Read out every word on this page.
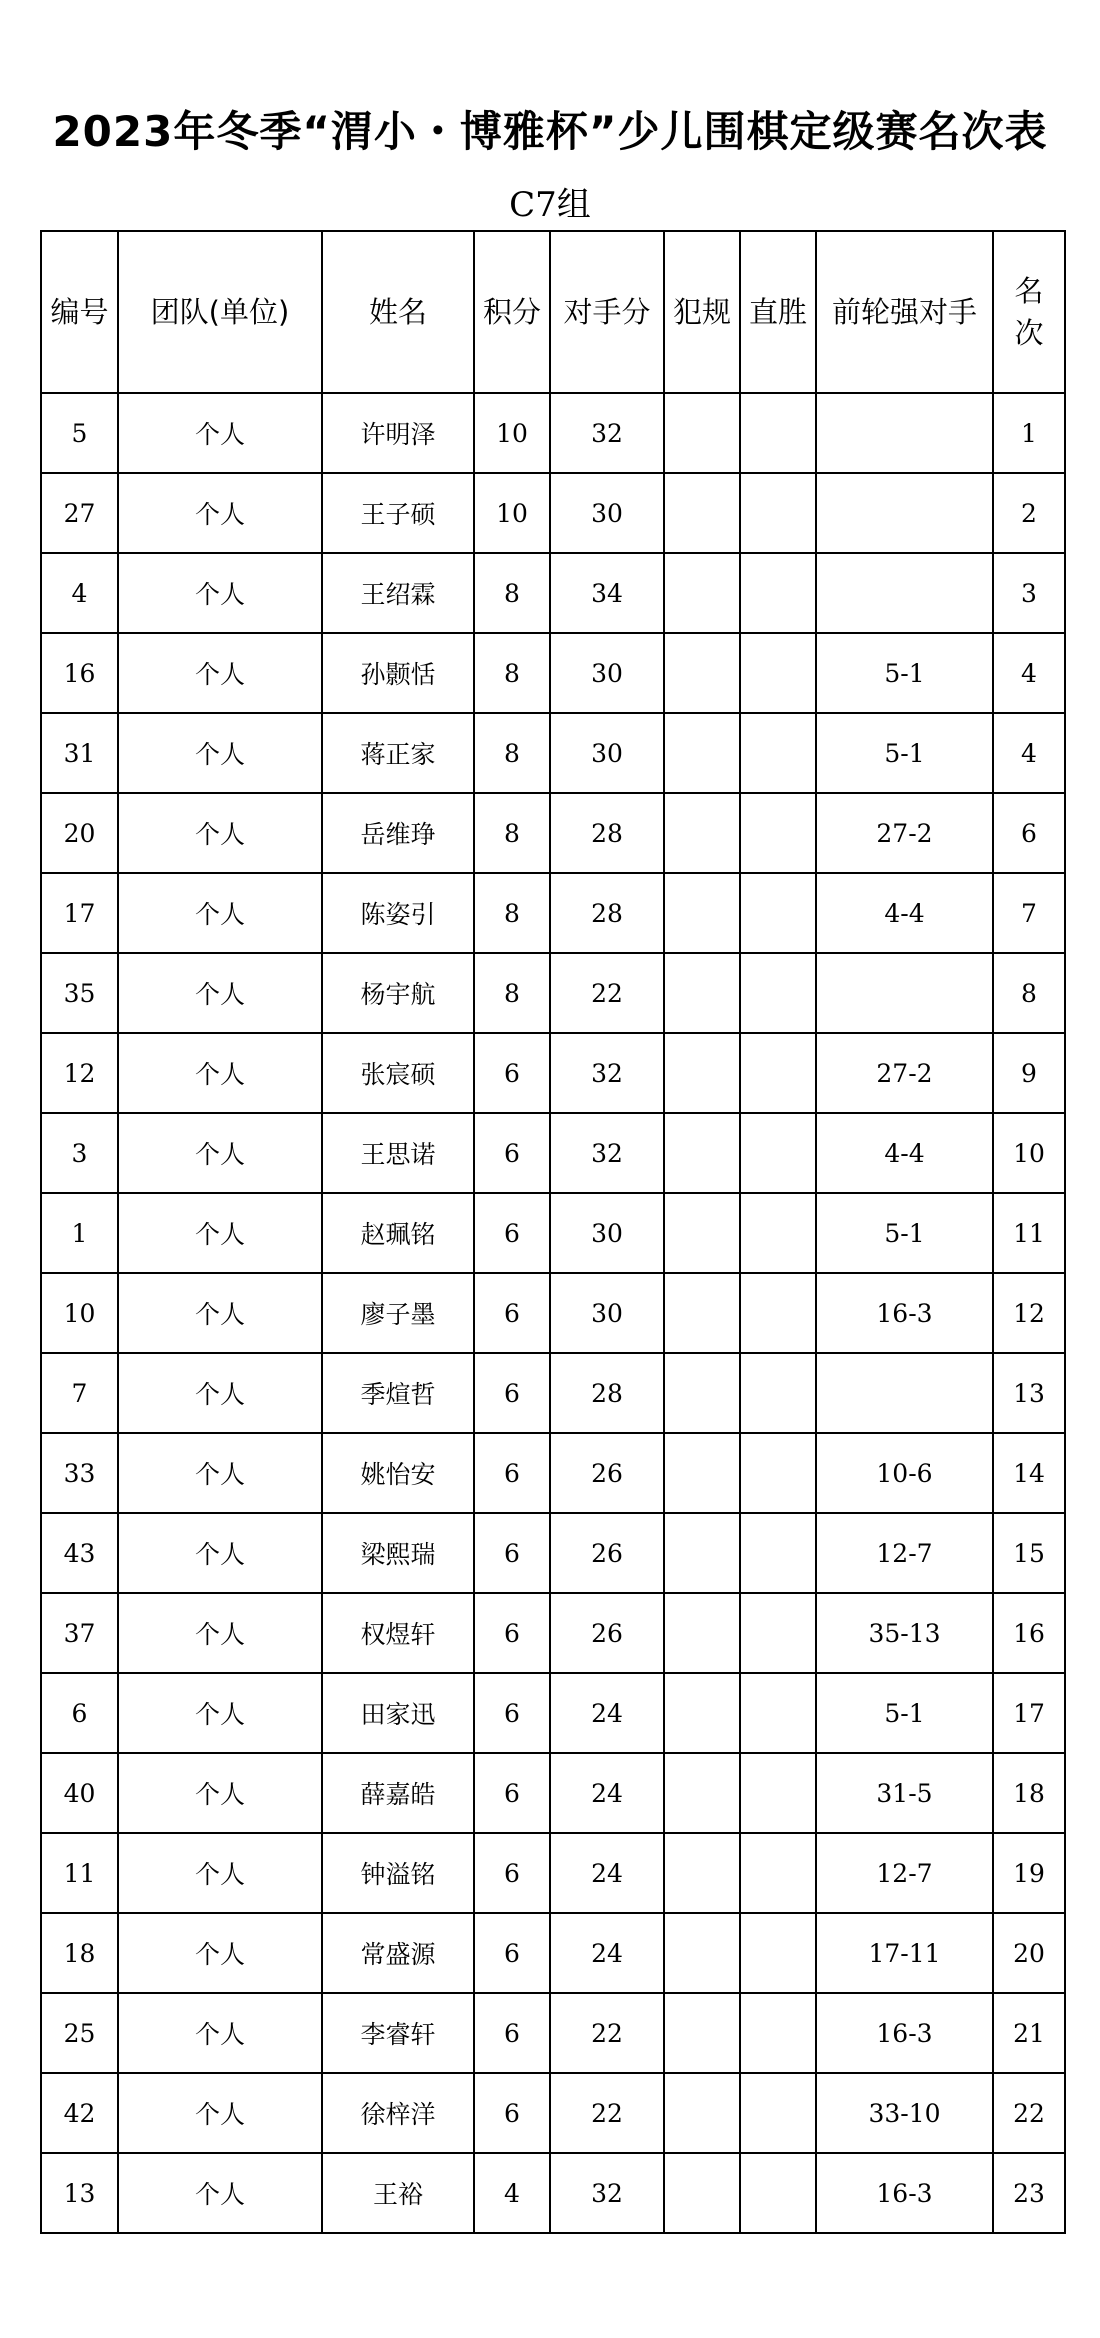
2023年冬季“渭小・博雅杯”少儿围棋定级赛名次表
C7组
编号	团队(单位)	姓名	积分	对手分	犯规	直胜	前轮强对手	名次
5	个人	许明泽	10	32				1
27	个人	王子硕	10	30				2
4	个人	王绍霖	8	34				3
16	个人	孙颢恬	8	30			5-1	4
31	个人	蒋正家	8	30			5-1	4
20	个人	岳维琤	8	28			27-2	6
17	个人	陈姿引	8	28			4-4	7
35	个人	杨宇航	8	22				8
12	个人	张宸硕	6	32			27-2	9
3	个人	王思诺	6	32			4-4	10
1	个人	赵珮铭	6	30			5-1	11
10	个人	廖子墨	6	30			16-3	12
7	个人	季煊哲	6	28				13
33	个人	姚怡安	6	26			10-6	14
43	个人	梁熙瑞	6	26			12-7	15
37	个人	权煜轩	6	26			35-13	16
6	个人	田家迅	6	24			5-1	17
40	个人	薛嘉皓	6	24			31-5	18
11	个人	钟溢铭	6	24			12-7	19
18	个人	常盛源	6	24			17-11	20
25	个人	李睿轩	6	22			16-3	21
42	个人	徐梓洋	6	22			33-10	22
13	个人	王裕	4	32			16-3	23
